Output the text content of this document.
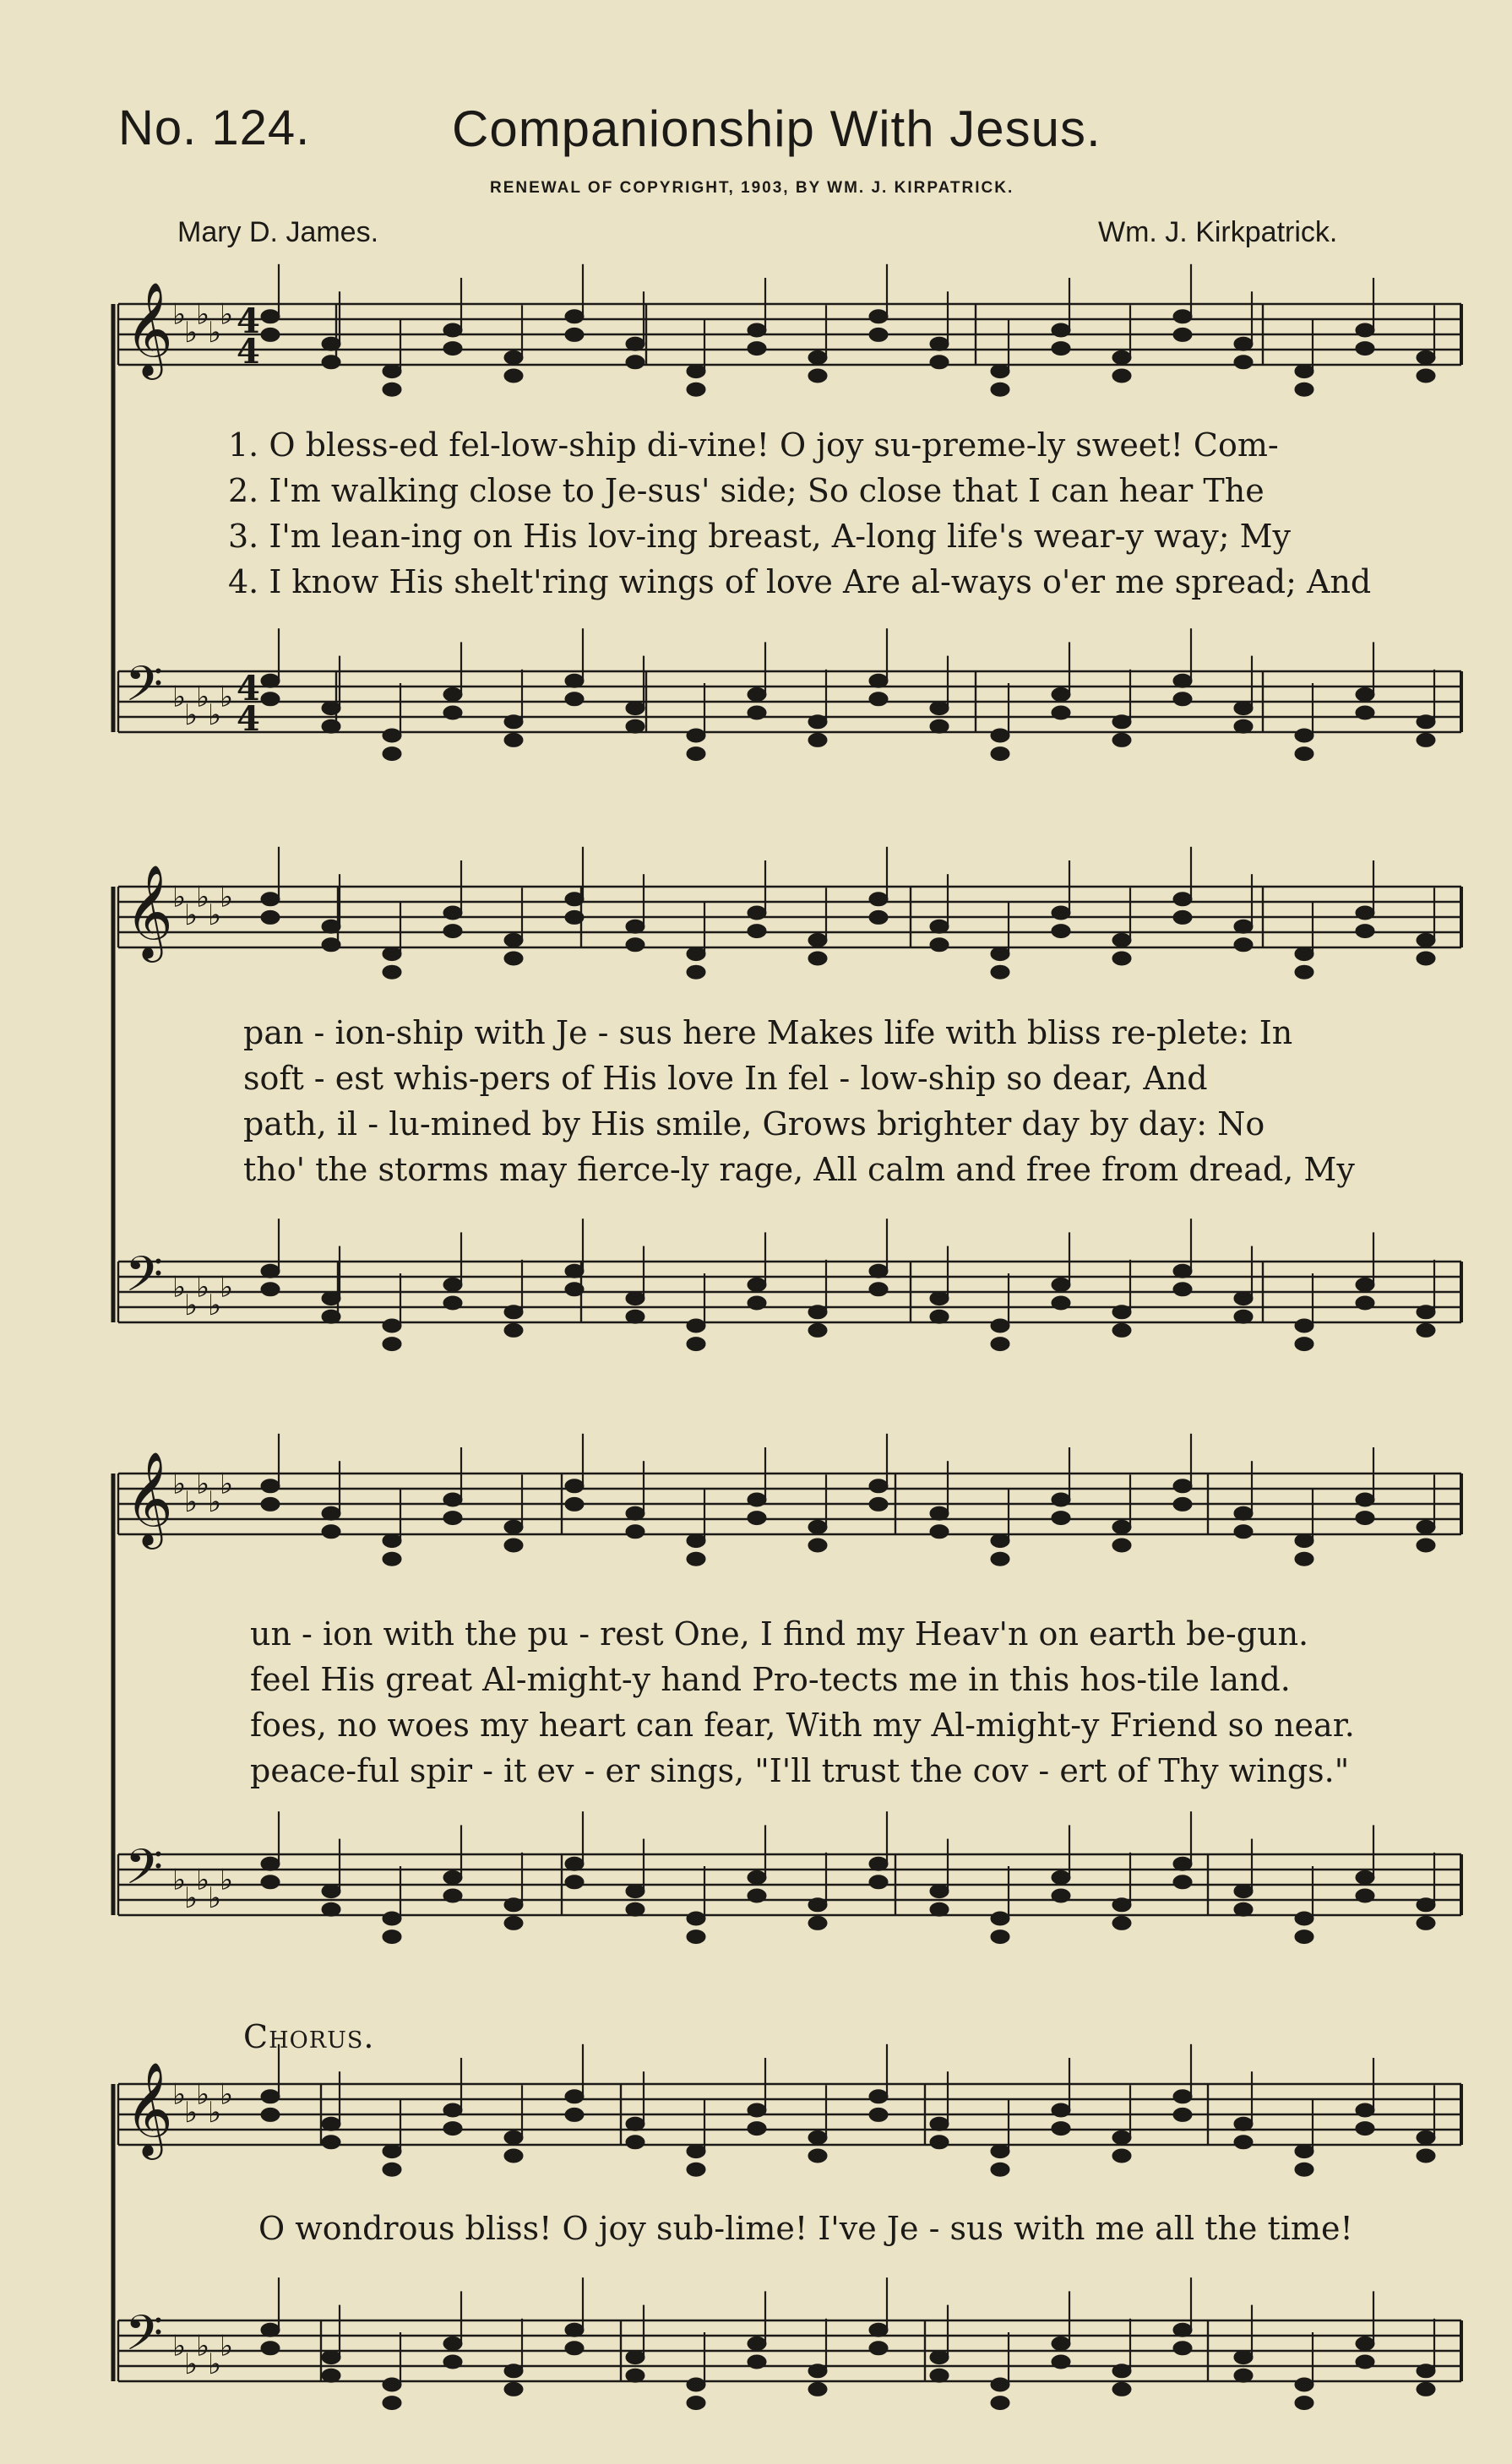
No. 124.	Companionship With Jesus.
RENEWAL OF COPYRIGHT, 1903, BY WM. J. KIRPATRICK.
Mary D. James.	Wm. J. Kirkpatrick.
𝄞 ♭
♭
♭
♭
♭
𝄢 ♭
♭
♭
♭
♭
𝄞 ♭
♭
♭
♭
♭
𝄢 ♭
♭
♭
♭
♭
𝄞 ♭
♭
♭
♭
♭
𝄢 ♭
♭
♭
♭
♭
𝄞 ♭
♭
♭
♭
♭
𝄢 ♭
♭
♭
♭
♭
4
4
4
4
1. O bless-ed fel-low-ship di-vine! O joy su-preme-ly sweet! Com-
2. I'm walking close to Je-sus' side; So close that I can hear The
3. I'm lean-ing on His lov-ing breast, A-long life's wear-y way; My
4. I know His shelt'ring wings of love Are al-ways o'er me spread; And
pan - ion-ship with Je - sus here Makes life with bliss re-plete: In
soft - est whis-pers of His love In fel - low-ship so dear, And
path, il - lu-mined by His smile, Grows brighter day by day: No
tho' the storms may fierce-ly rage, All calm and free from dread, My
un - ion with the pu - rest One, I find my Heav'n on earth be-gun.
feel His great Al-might-y hand Pro-tects me in this hos-tile land.
foes, no woes my heart can fear, With my Al-might-y Friend so near.
peace-ful spir - it ev - er sings, "I'll trust the cov - ert of Thy wings."
Chorus.
O wondrous bliss! O joy sub-lime! I've Je - sus with me all the time!
